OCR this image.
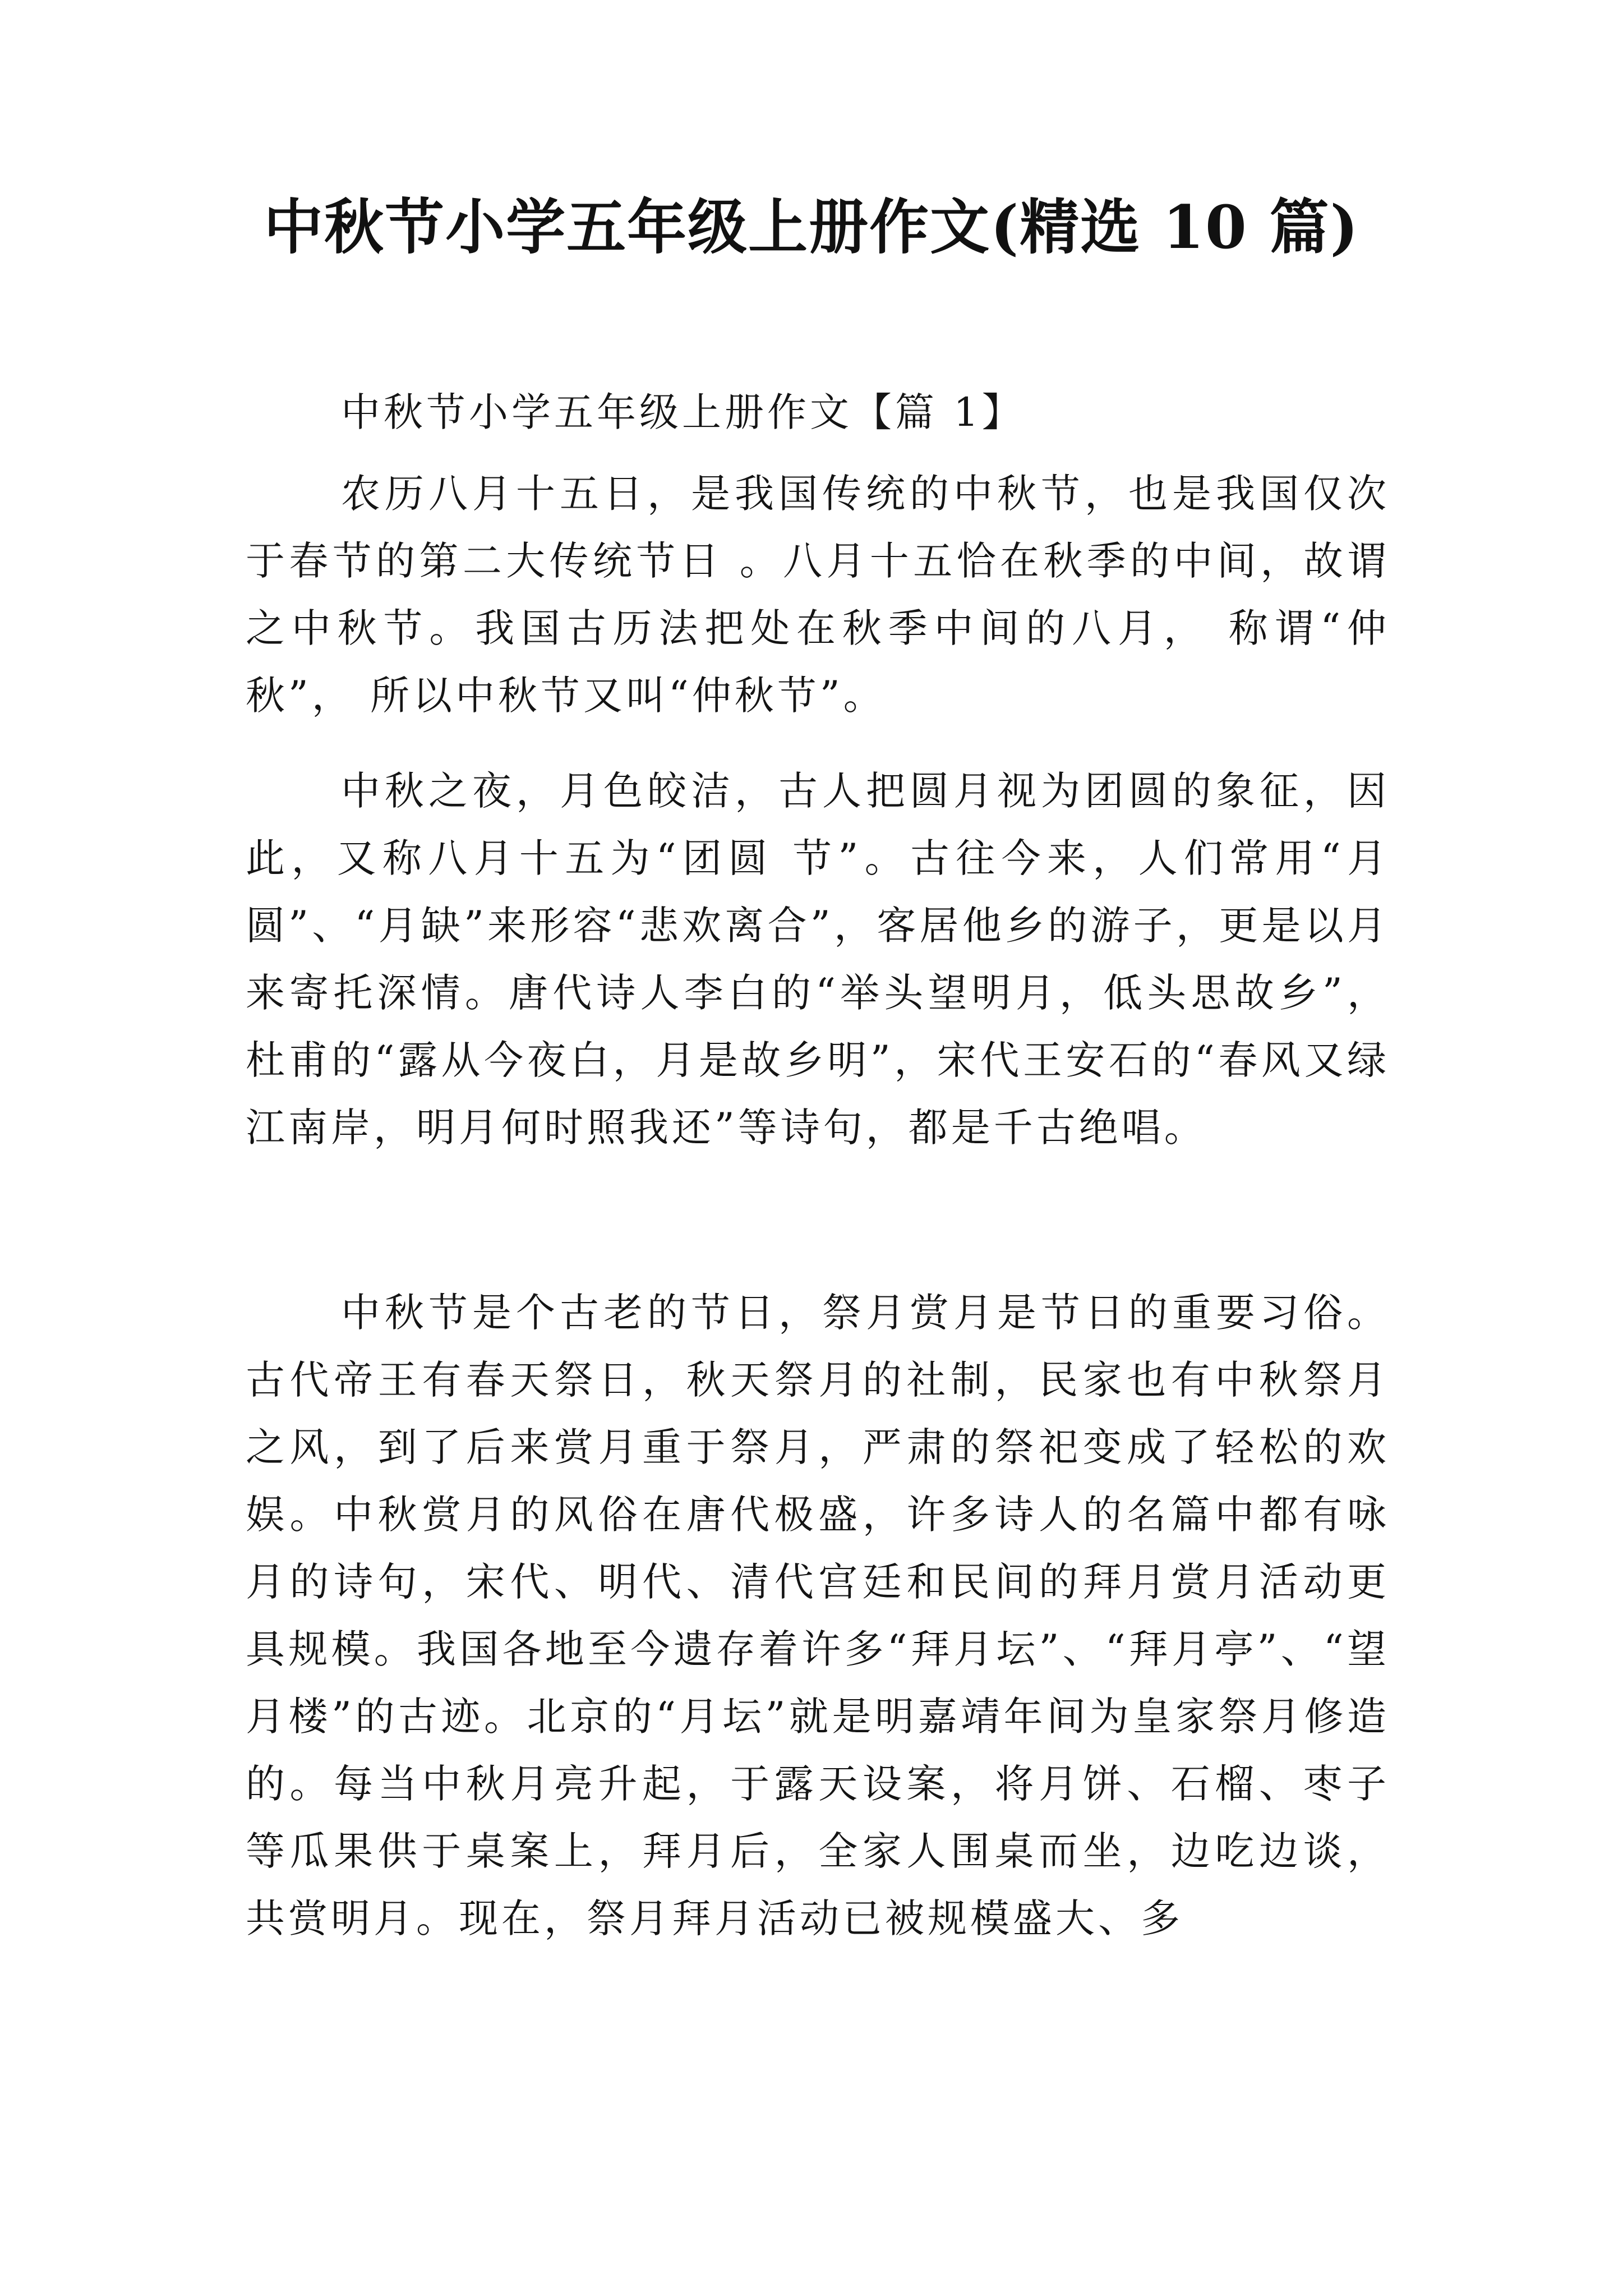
中秋节小学五年级上册作文(精选 10 篇)
中秋节小学五年级上册作文【篇 1】

农历八月十五日，是我国传统的中秋节，也是我国仅次于春节的第二大传统节日 。八月十五恰在秋季的中间，故谓之中秋节。我国古历法把处在秋季中间的八月， 称谓“仲秋”， 所以中秋节又叫“仲秋节”。

中秋之夜，月色皎洁，古人把圆月视为团圆的象征，因此，又称八月十五为“团圆 节”。古往今来，人们常用“月圆”、“月缺”来形容“悲欢离合”，客居他乡的游子，更是以月来寄托深情。唐代诗人李白的“举头望明月，低头思故乡”，杜甫的“露从今夜白，月是故乡明”，宋代王安石的“春风又绿江南岸，明月何时照我还”等诗句，都是千古绝唱。

中秋节是个古老的节日，祭月赏月是节日的重要习俗。古代帝王有春天祭日，秋天祭月的社制，民家也有中秋祭月之风，到了后来赏月重于祭月，严肃的祭祀变成了轻松的欢娱。中秋赏月的风俗在唐代极盛，许多诗人的名篇中都有咏月的诗句，宋代、明代、清代宫廷和民间的拜月赏月活动更具规模。我国各地至今遗存着许多“拜月坛”、“拜月亭”、“望月楼”的古迹。北京的“月坛”就是明嘉靖年间为皇家祭月修造的。每当中秋月亮升起，于露天设案，将月饼、石榴、枣子等瓜果供于桌案上，拜月后，全家人围桌而坐，边吃边谈，共赏明月。现在，祭月拜月活动已被规模盛大、多
